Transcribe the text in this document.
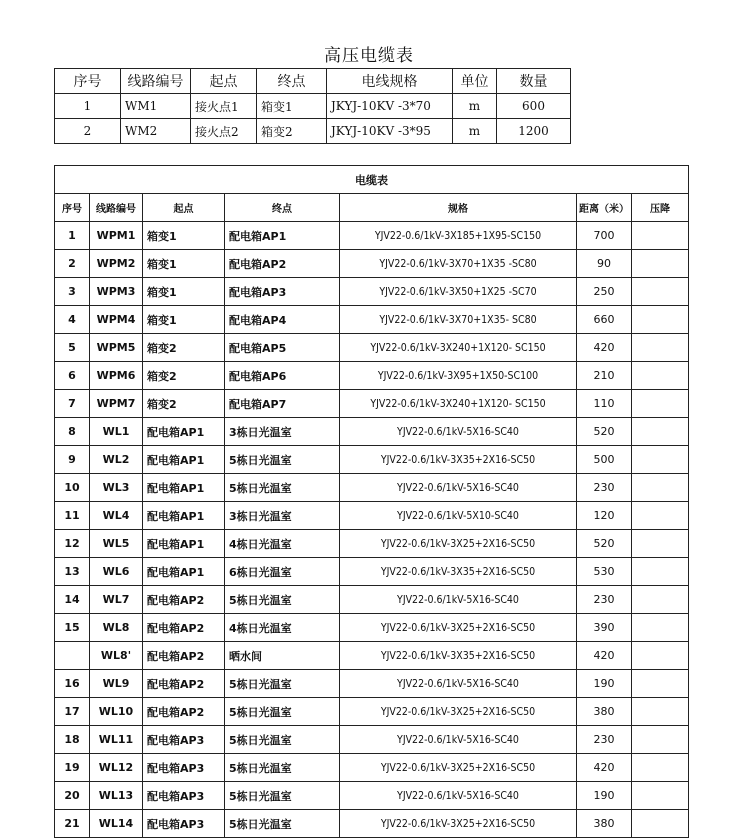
高压电缆表
序号	线路编号	起点	终点	电线规格	单位	数量
1	WM1	接火点1	箱变1	JKYJ-10KV -3*70	m	600
2	WM2	接火点2	箱变2	JKYJ-10KV -3*95	m	1200
电缆表						
序号	线路编号	起点	终点	规格	距离（米）	压降
1	WPM1	箱变1	配电箱AP1	YJV22-0.6/1kV-3X185+1X95-SC150	700	
2	WPM2	箱变1	配电箱AP2	YJV22-0.6/1kV-3X70+1X35 -SC80	90	
3	WPM3	箱变1	配电箱AP3	YJV22-0.6/1kV-3X50+1X25 -SC70	250	
4	WPM4	箱变1	配电箱AP4	YJV22-0.6/1kV-3X70+1X35- SC80	660	
5	WPM5	箱变2	配电箱AP5	YJV22-0.6/1kV-3X240+1X120- SC150	420	
6	WPM6	箱变2	配电箱AP6	YJV22-0.6/1kV-3X95+1X50-SC100	210	
7	WPM7	箱变2	配电箱AP7	YJV22-0.6/1kV-3X240+1X120- SC150	110	
8	WL1	配电箱AP1	3栋日光温室	YJV22-0.6/1kV-5X16-SC40	520	
9	WL2	配电箱AP1	5栋日光温室	YJV22-0.6/1kV-3X35+2X16-SC50	500	
10	WL3	配电箱AP1	5栋日光温室	YJV22-0.6/1kV-5X16-SC40	230	
11	WL4	配电箱AP1	3栋日光温室	YJV22-0.6/1kV-5X10-SC40	120	
12	WL5	配电箱AP1	4栋日光温室	YJV22-0.6/1kV-3X25+2X16-SC50	520	
13	WL6	配电箱AP1	6栋日光温室	YJV22-0.6/1kV-3X35+2X16-SC50	530	
14	WL7	配电箱AP2	5栋日光温室	YJV22-0.6/1kV-5X16-SC40	230	
15	WL8	配电箱AP2	4栋日光温室	YJV22-0.6/1kV-3X25+2X16-SC50	390	
	WL8'	配电箱AP2	晒水间	YJV22-0.6/1kV-3X35+2X16-SC50	420	
16	WL9	配电箱AP2	5栋日光温室	YJV22-0.6/1kV-5X16-SC40	190	
17	WL10	配电箱AP2	5栋日光温室	YJV22-0.6/1kV-3X25+2X16-SC50	380	
18	WL11	配电箱AP3	5栋日光温室	YJV22-0.6/1kV-5X16-SC40	230	
19	WL12	配电箱AP3	5栋日光温室	YJV22-0.6/1kV-3X25+2X16-SC50	420	
20	WL13	配电箱AP3	5栋日光温室	YJV22-0.6/1kV-5X16-SC40	190	
21	WL14	配电箱AP3	5栋日光温室	YJV22-0.6/1kV-3X25+2X16-SC50	380	
